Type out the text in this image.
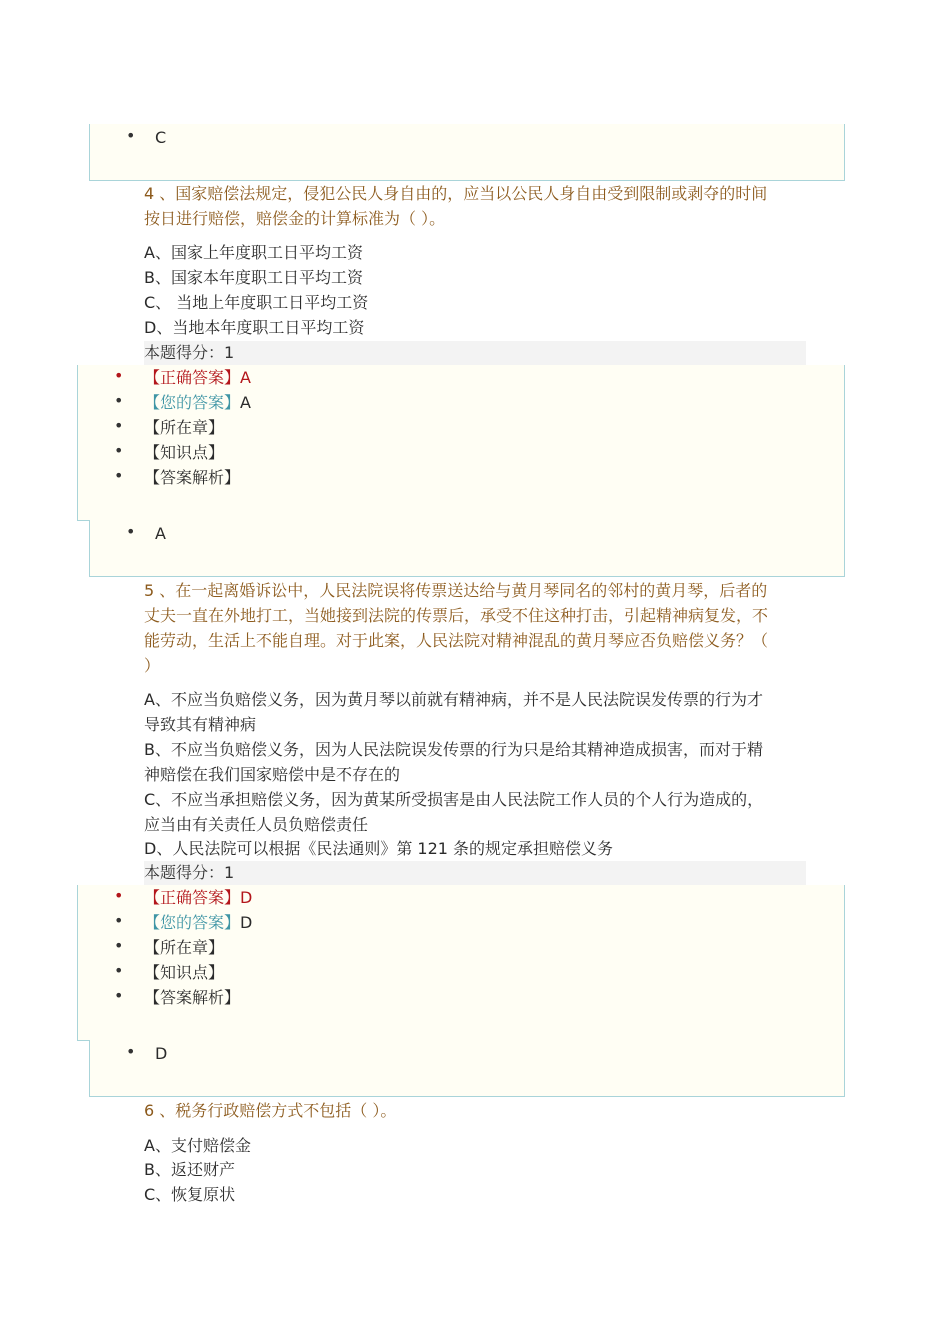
• C
4 、国家赔偿法规定，侵犯公民人身自由的，应当以公民人身自由受到限制或剥夺的时间
按日进行赔偿，赔偿金的计算标准为（ ）。
A、国家上年度职工日平均工资
B、国家本年度职工日平均工资
C、 当地上年度职工日平均工资
D、当地本年度职工日平均工资
本题得分：1
• 【正确答案】A
• 【您的答案】A
• 【所在章】
• 【知识点】
• 【答案解析】
• A
5 、在一起离婚诉讼中，人民法院误将传票送达给与黄月琴同名的邻村的黄月琴，后者的
丈夫一直在外地打工，当她接到法院的传票后，承受不住这种打击，引起精神病复发，不
能劳动，生活上不能自理。对于此案，人民法院对精神混乱的黄月琴应否负赔偿义务？（
）
A、不应当负赔偿义务，因为黄月琴以前就有精神病，并不是人民法院误发传票的行为才
导致其有精神病
B、不应当负赔偿义务，因为人民法院误发传票的行为只是给其精神造成损害，而对于精
神赔偿在我们国家赔偿中是不存在的
C、不应当承担赔偿义务，因为黄某所受损害是由人民法院工作人员的个人行为造成的，
应当由有关责任人员负赔偿责任
D、人民法院可以根据《民法通则》第 121 条的规定承担赔偿义务
本题得分：1
• 【正确答案】D
• 【您的答案】D
• 【所在章】
• 【知识点】
• 【答案解析】
• D
6 、税务行政赔偿方式不包括（ ）。
A、支付赔偿金
B、返还财产
C、恢复原状
